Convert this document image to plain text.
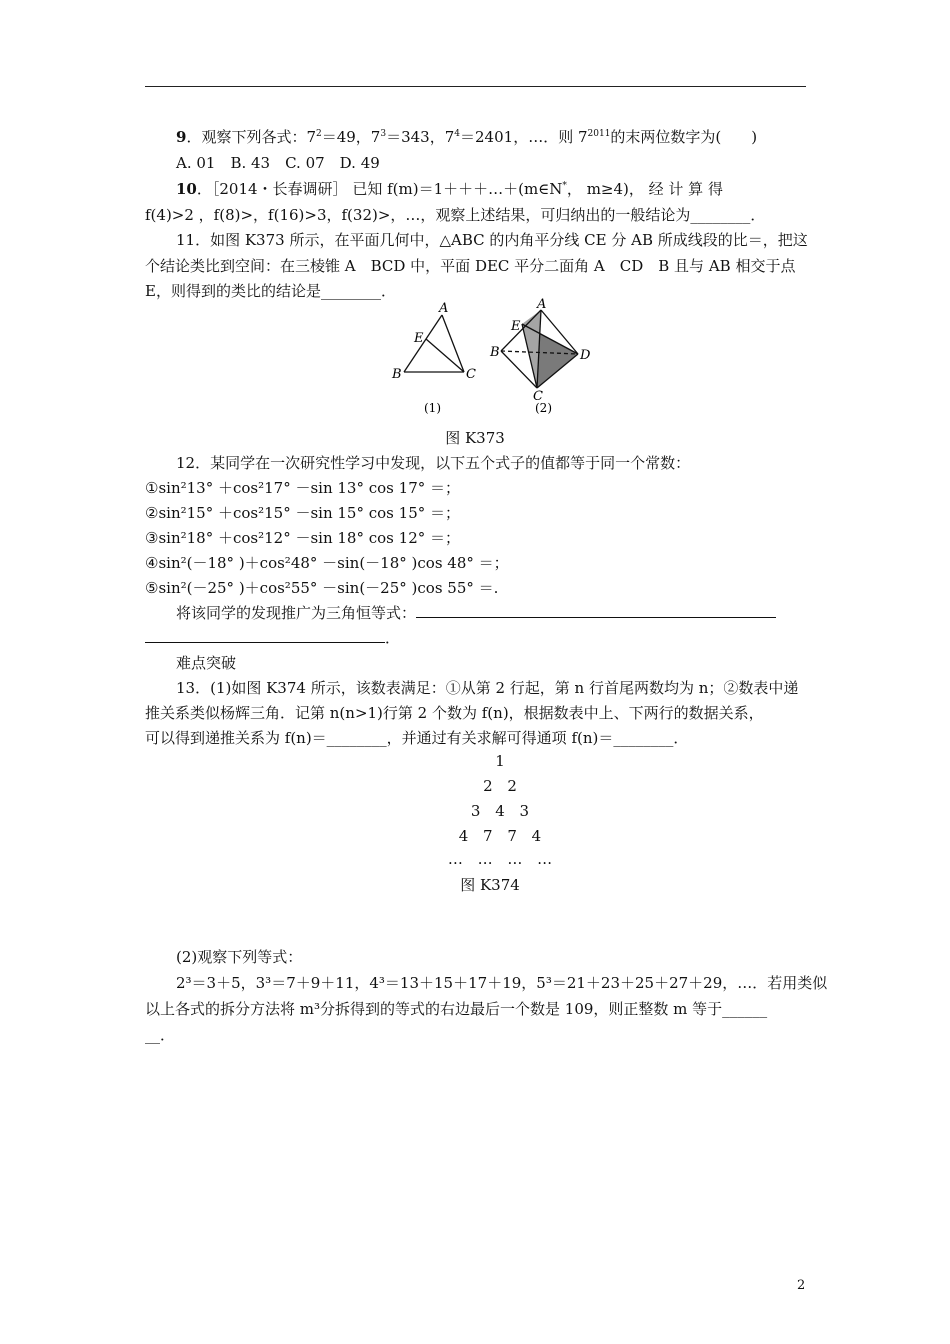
9．观察下列各式：$7^2=49$，$7^3=343$，$7^4=2401$，…．则 $7^{2011}$的末两位数字为(　　)
A. 01　B. 43　C. 07　D. 49
10．［2014・长春调研］ 已知 f(m)＝1＋＋＋…＋(m∈N*， m≥4)， 经 计 算 得
f(4)>2 ，f(8)>，f(16)>3，f(32)>，…，观察上述结果，可归纳出的一般结论为________．
11．如图 K373 所示，在平面几何中，△ABC 的内角平分线 CE 分 AB 所成线段的比＝，把这
个结论类比到空间：在三棱锥 A　BCD 中，平面 DEC 平分二面角 A　CD　B 且与 AB 相交于点
E，则得到的类比的结论是________．
A
E
B	C
(1)
A
E
B	D
C
(2)
图 K373
12．某同学在一次研究性学习中发现，以下五个式子的值都等于同一个常数：
①sin²13° ＋cos²17° －sin 13° cos 17° ＝；
②sin²15° ＋cos²15° －sin 15° cos 15° ＝；
③sin²18° ＋cos²12° －sin 18° cos 12° ＝；
④sin²(－18° )＋cos²48° －sin(－18° )cos 48° ＝；
⑤sin²(－25° )＋cos²55° －sin(－25° )cos 55° ＝.
将该同学的发现推广为三角恒等式：
．
难点突破
13．(1)如图 K374 所示，该数表满足：①从第 2 行起，第 n 行首尾两数均为 n；②数表中递
推关系类似杨辉三角．记第 n(n>1)行第 2 个数为 f(n)，根据数表中上、下两行的数据关系，
可以得到递推关系为 f(n)＝________，并通过有关求解可得通项 f(n)＝________．
1
2 2
3 4 3
4 7 7 4
… … … …
图 K374
(2)观察下列等式：
2³＝3＋5，3³＝7＋9＋11，4³＝13＋15＋17＋19，5³＝21＋23＋25＋27＋29，…．若用类似
以上各式的拆分方法将 m³分拆得到的等式的右边最后一个数是 109，则正整数 m 等于______
__．
2
